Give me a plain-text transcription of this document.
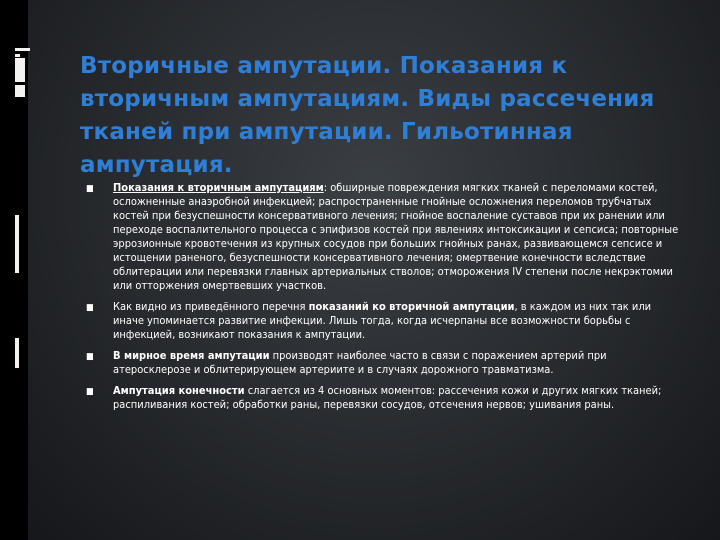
Вторичные ампутации. Показания к вторичным ампутациям. Виды рассечения тканей при ампутации. Гильотинная ампутация.
■ Показания к вторичным ампутациям: обширные повреждения мягких тканей с переломами костей, осложненные анаэробной инфекцией; распространенные гнойные осложнения переломов трубчатых костей при безуспешности консервативного лечения; гнойное воспаление суставов при их ранении или переходе воспалительного процесса с эпифизов костей при явлениях интоксикации и сепсиса; повторные эррозионные кровотечения из крупных сосудов при больших гнойных ранах, развивающемся сепсисе и истощении раненого, безуспешности консервативного лечения; омертвение конечности вследствие облитерации или перевязки главных артериальных стволов; отморожения IV степени после некрэктомии или отторжения омертвевших участков.
■ Как видно из приведённого перечня показаний ко вторичной ампутации, в каждом из них так или иначе упоминается развитие инфекции. Лишь тогда, когда исчерпаны все возможности борьбы с инфекцией, возникают показания к ампутации.
■ В мирное время ампутации производят наиболее часто в связи с поражением артерий при атеросклерозе и облитерирующем артериите и в случаях дорожного травматизма.
■ Ампутация конечности слагается из 4 основных моментов: рассечения кожи и других мягких тканей; распиливания костей; обработки раны, перевязки сосудов, отсечения нервов; ушивания раны.
